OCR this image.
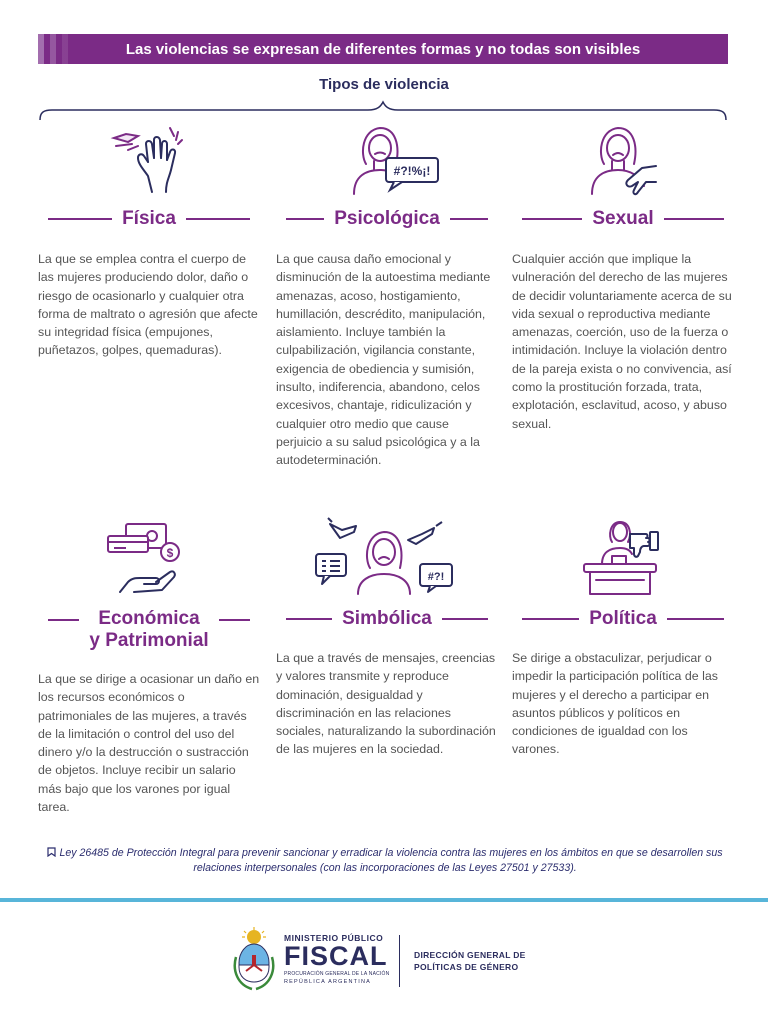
Las violencias se expresan de diferentes formas y no todas son visibles
Tipos de violencia
#?!%¡!
Física	Psicológica	Sexual
La que se emplea contra el cuerpo de las mujeres produciendo dolor, daño o riesgo de ocasionarlo y cualquier otra forma de maltrato o agresión que afecte su integridad física (empujones, puñetazos, golpes, quemaduras).
La que causa daño emocional y disminución de la autoestima mediante amenazas, acoso, hostigamiento, humillación, descrédito, manipulación, aislamiento. Incluye también la culpabilización, vigilancia constante, exigencia de obediencia y sumisión, insulto, indiferencia, abandono, celos excesivos, chantaje, ridiculización y cualquier otro medio que cause perjuicio a su salud psicológica y a la autodeterminación.
Cualquier acción que implique la vulneración del derecho de las mujeres de decidir voluntariamente acerca de su vida sexual o reproductiva mediante amenazas, coerción, uso de la fuerza o intimidación. Incluye la violación dentro de la pareja exista o no convivencia, así como la prostitución forzada, trata, explotación, esclavitud, acoso, y abuso sexual.
$
#?!
Económica
y Patrimonial
Simbólica	Política
La que se dirige a ocasionar un daño en los recursos económicos o patrimoniales de las mujeres, a través de la limitación o control del uso del dinero y/o la destrucción o sustracción de objetos. Incluye recibir un salario más bajo que los varones por igual tarea.
La que a través de mensajes, creencias y valores transmite y reproduce dominación, desigualdad y discriminación en las relaciones sociales, naturalizando la subordinación de las mujeres en la sociedad.
Se dirige a obstaculizar, perjudicar o impedir la participación política de las mujeres y el derecho a participar en asuntos públicos y políticos en condiciones de igualdad con los varones.
Ley 26485 de Protección Integral para prevenir sancionar y erradicar la violencia contra las mujeres en los ámbitos en que se desarrollen sus relaciones interpersonales (con las incorporaciones de las Leyes 27501 y 27533).
MINISTERIO PÚBLICO
FISCAL
PROCURACIÓN GENERAL DE LA NACIÓN
REPÚBLICA ARGENTINA
DIRECCIÓN GENERAL DE
POLÍTICAS DE GÉNERO
